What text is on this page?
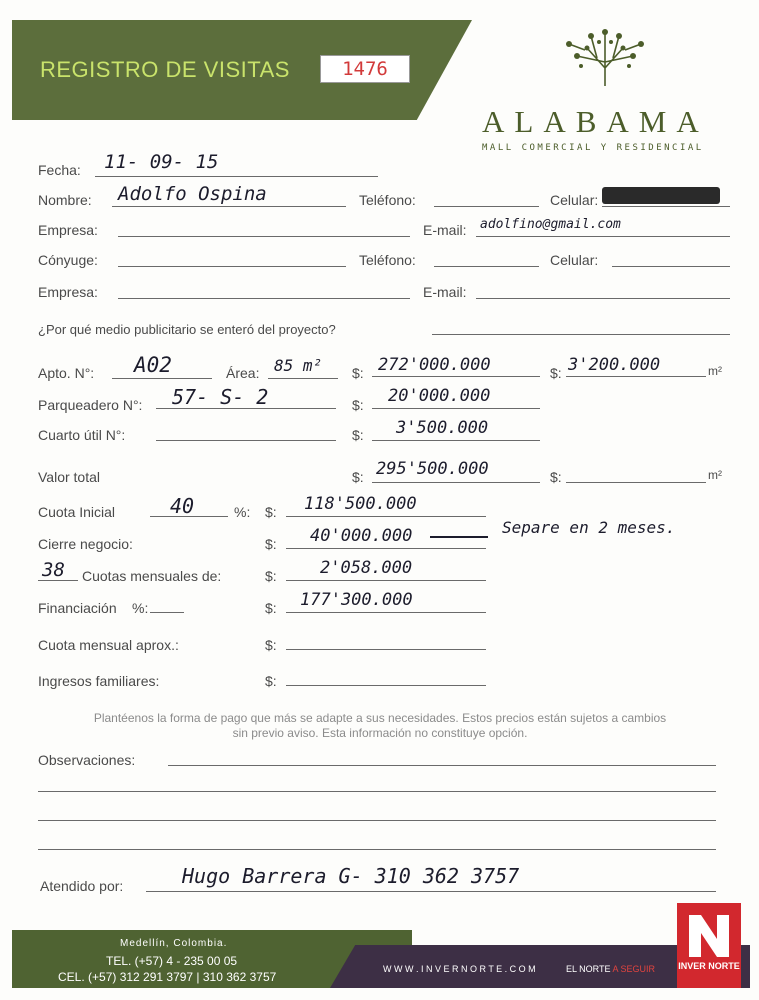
REGISTRO DE VISITAS	1476
ALABAMA
MALL COMERCIAL Y RESIDENCIAL
Fecha: 11- 09- 15
Nombre: Adolfo Ospina	Teléfono:	Celular:
Empresa:	E-mail: adolfino@gmail.com
Cónyuge:	Teléfono:	Celular:
Empresa:	E-mail:
¿Por qué medio publicitario se enteró del proyecto?
Apto. N°: A02	Área: 85 m² $: 272'000.000	$: 3'200.000	m²
Parqueadero N°: 57- S- 2	$: 20'000.000
Cuarto útil N°:	$: 3'500.000
Valor total	$: 295'500.000	$:	m²
Cuota Inicial	40	%: $: 118'500.000
Cierre negocio:	$: 40'000.000	Separe en 2 meses.
38 Cuotas mensuales de:	$:	2'058.000
Financiación %:	$: 177'300.000
Cuota mensual aprox.:	$:
Ingresos familiares:	$:
Plantéenos la forma de pago que más se adapte a sus necesidades. Estos precios están sujetos a cambios
sin previo aviso. Esta información no constituye opción.
Observaciones:
Atendido por:	Hugo Barrera G- 310 362 3757
Medellín, Colombia.
TEL. (+57) 4 - 235 00 05
CEL. (+57) 312 291 3797 | 310 362 3757
W W W . I N V E R N O R T E . C O M	EL NORTE A SEGUIR	INVER NORTE
